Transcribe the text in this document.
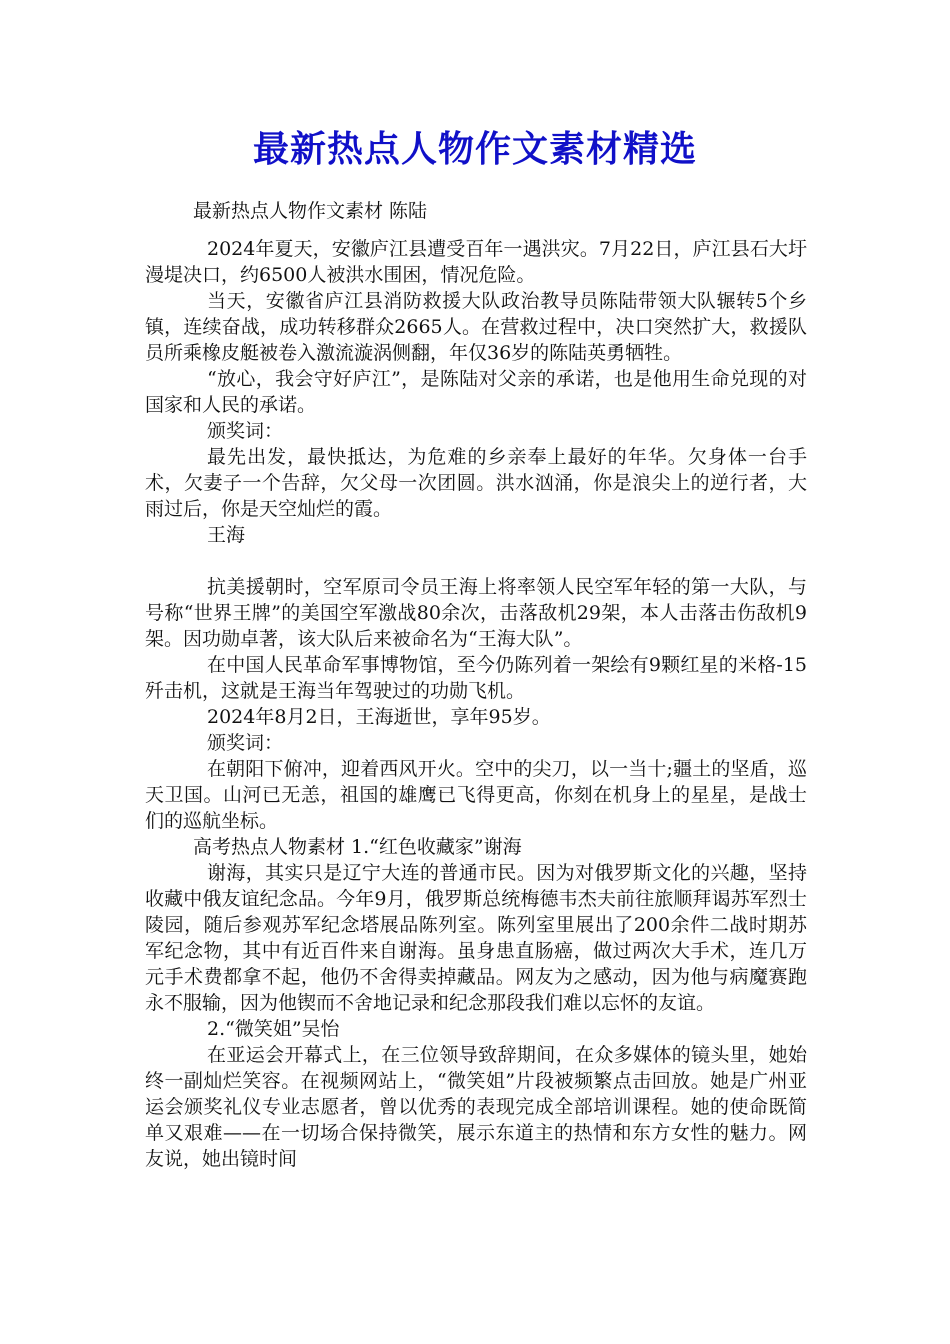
最新热点人物作文素材精选

最新热点人物作文素材 陈陆

2024年夏天，安徽庐江县遭受百年一遇洪灾。7月22日，庐江县石大圩漫堤决口，约6500人被洪水围困，情况危险。

当天，安徽省庐江县消防救援大队政治教导员陈陆带领大队辗转5个乡镇，连续奋战，成功转移群众2665人。在营救过程中，决口突然扩大，救援队员所乘橡皮艇被卷入激流漩涡侧翻，年仅36岁的陈陆英勇牺牲。

“放心，我会守好庐江”，是陈陆对父亲的承诺，也是他用生命兑现的对国家和人民的承诺。

颁奖词：

最先出发，最快抵达，为危难的乡亲奉上最好的年华。欠身体一台手术，欠妻子一个告辞，欠父母一次团圆。洪水汹涌，你是浪尖上的逆行者，大雨过后，你是天空灿烂的霞。

王海

抗美援朝时，空军原司令员王海上将率领人民空军年轻的第一大队，与号称“世界王牌”的美国空军激战80余次，击落敌机29架，本人击落击伤敌机9架。因功勋卓著，该大队后来被命名为“王海大队”。

在中国人民革命军事博物馆，至今仍陈列着一架绘有9颗红星的米格-15歼击机，这就是王海当年驾驶过的功勋飞机。

2024年8月2日，王海逝世，享年95岁。

颁奖词：

在朝阳下俯冲，迎着西风开火。空中的尖刀，以一当十;疆土的坚盾，巡天卫国。山河已无恙，祖国的雄鹰已飞得更高，你刻在机身上的星星，是战士们的巡航坐标。

高考热点人物素材 1.“红色收藏家”谢海

谢海，其实只是辽宁大连的普通市民。因为对俄罗斯文化的兴趣，坚持收藏中俄友谊纪念品。今年9月，俄罗斯总统梅德韦杰夫前往旅顺拜谒苏军烈士陵园，随后参观苏军纪念塔展品陈列室。陈列室里展出了200余件二战时期苏军纪念物，其中有近百件来自谢海。虽身患直肠癌，做过两次大手术，连几万元手术费都拿不起，他仍不舍得卖掉藏品。网友为之感动，因为他与病魔赛跑永不服输，因为他锲而不舍地记录和纪念那段我们难以忘怀的友谊。

2.“微笑姐”吴怡

在亚运会开幕式上，在三位领导致辞期间，在众多媒体的镜头里，她始终一副灿烂笑容。在视频网站上，“微笑姐”片段被频繁点击回放。她是广州亚运会颁奖礼仪专业志愿者，曾以优秀的表现完成全部培训课程。她的使命既简单又艰难——在一切场合保持微笑，展示东道主的热情和东方女性的魅力。网友说，她出镜时间
